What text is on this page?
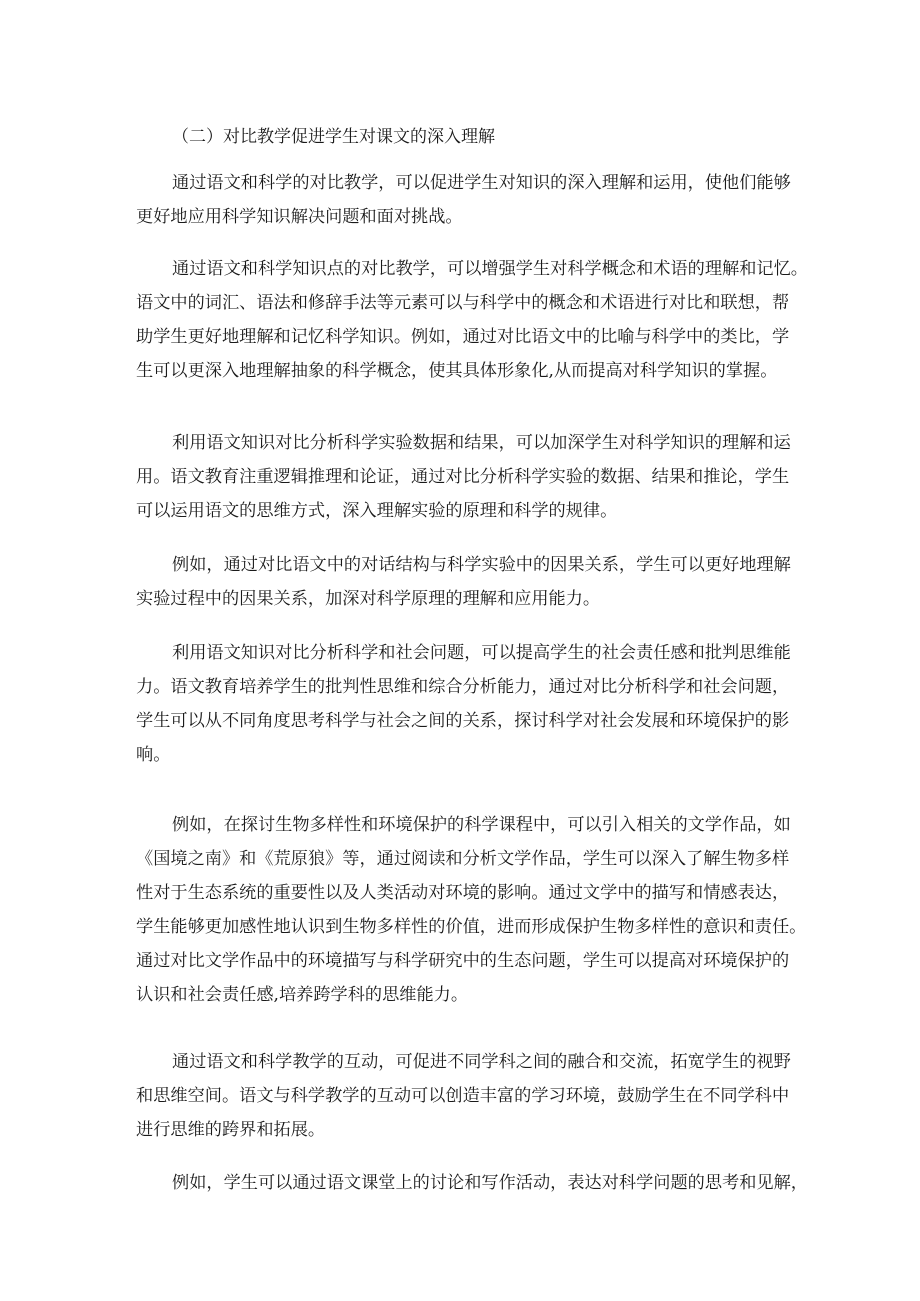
（二）对比教学促进学生对课文的深入理解
通过语文和科学的对比教学，可以促进学生对知识的深入理解和运用，使他们能够
更好地应用科学知识解决问题和面对挑战。
通过语文和科学知识点的对比教学，可以增强学生对科学概念和术语的理解和记忆。
语文中的词汇、语法和修辞手法等元素可以与科学中的概念和术语进行对比和联想，帮
助学生更好地理解和记忆科学知识。例如，通过对比语文中的比喻与科学中的类比，学
生可以更深入地理解抽象的科学概念，使其具体形象化,从而提高对科学知识的掌握。
利用语文知识对比分析科学实验数据和结果，可以加深学生对科学知识的理解和运
用。语文教育注重逻辑推理和论证，通过对比分析科学实验的数据、结果和推论，学生
可以运用语文的思维方式，深入理解实验的原理和科学的规律。
例如，通过对比语文中的对话结构与科学实验中的因果关系，学生可以更好地理解
实验过程中的因果关系，加深对科学原理的理解和应用能力。
利用语文知识对比分析科学和社会问题，可以提高学生的社会责任感和批判思维能
力。语文教育培养学生的批判性思维和综合分析能力，通过对比分析科学和社会问题，
学生可以从不同角度思考科学与社会之间的关系，探讨科学对社会发展和环境保护的影
响。
例如，在探讨生物多样性和环境保护的科学课程中，可以引入相关的文学作品，如
《国境之南》和《荒原狼》等，通过阅读和分析文学作品，学生可以深入了解生物多样
性对于生态系统的重要性以及人类活动对环境的影响。通过文学中的描写和情感表达，
学生能够更加感性地认识到生物多样性的价值，进而形成保护生物多样性的意识和责任。
通过对比文学作品中的环境描写与科学研究中的生态问题，学生可以提高对环境保护的
认识和社会责任感,培养跨学科的思维能力。
通过语文和科学教学的互动，可促进不同学科之间的融合和交流，拓宽学生的视野
和思维空间。语文与科学教学的互动可以创造丰富的学习环境，鼓励学生在不同学科中
进行思维的跨界和拓展。
例如，学生可以通过语文课堂上的讨论和写作活动，表达对科学问题的思考和见解，
